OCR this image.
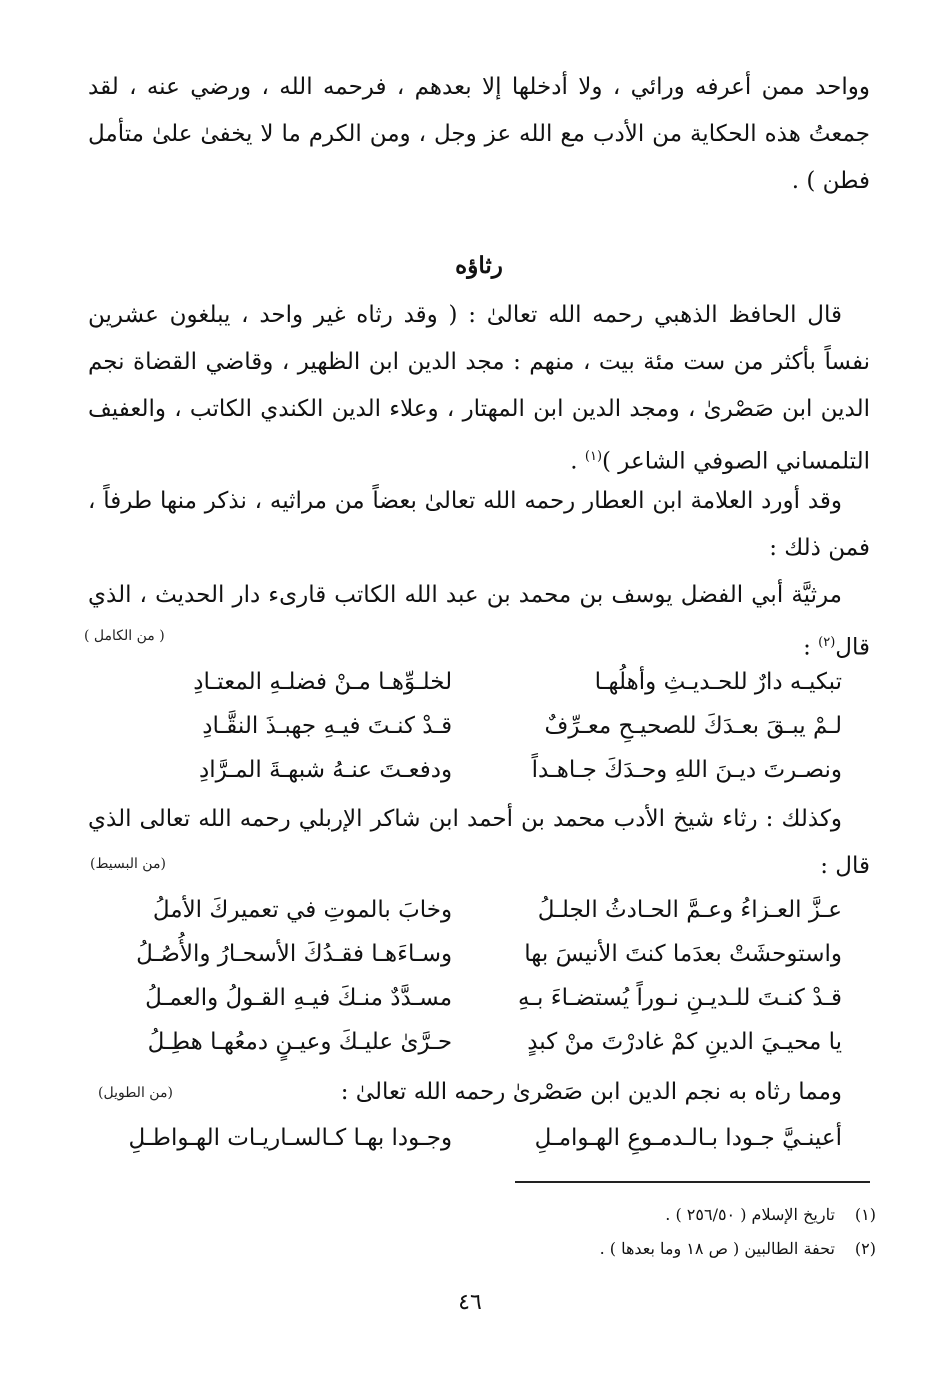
وواحد ممن أعرفه ورائي ، ولا أدخلها إلا بعدهم ، فرحمه الله ، ورضي عنه ، لقد جمعتُ هذه الحكاية من الأدب مع الله عز وجل ، ومن الكرم ما لا يخفىٰ علىٰ متأمل فطن ) .

رثاؤه

قال الحافظ الذهبي رحمه الله تعالىٰ : ( وقد رثاه غير واحد ، يبلغون عشرين نفساً بأكثر من ست مئة بيت ، منهم : مجد الدين ابن الظهير ، وقاضي القضاة نجم الدين ابن صَصْرىٰ ، ومجد الدين ابن المهتار ، وعلاء الدين الكندي الكاتب ، والعفيف التلمساني الصوفي الشاعر )$^{(١)}$ .

وقد أورد العلامة ابن العطار رحمه الله تعالىٰ بعضاً من مراثيه ، نذكر منها طرفاً ، فمن ذلك :

مرثيَّة أبي الفضل يوسف بن محمد بن عبد الله الكاتب قارىء دار الحديث ، الذي قال$^{(٢)}$ :

( من الكامل )
تبكيـه دارٌ للحـديـثِ وأهلُهـا
لخلـوِّهـا مـنْ فضلـهِ المعتـادِ
لـمْ يبـقَ بعـدَكَ للصحيـحِ معـرِّفٌ
قـدْ كنـتَ فيـهِ جهبـذَ النقَّـادِ
ونصـرتَ ديـنَ اللهِ وحـدَكَ جـاهـداً
ودفعـتَ عنـهُ شبهـةَ المـرَّادِ

وكذلك : رثاء شيخ الأدب محمد بن أحمد ابن شاكر الإربلي رحمه الله تعالى الذي قال :

(من البسيط)
عـزَّ العـزاءُ وعـمَّ الحـادثُ الجلـلُ
وخابَ بالموتِ في تعميركَ الأملُ
واستوحشَتْ بعدَما كنتَ الأنيسَ بها
وسـاءَهـا فقـدُكَ الأسحـارُ والأُصُـلُ
قـدْ كنـتَ للـديـنِ نـوراً يُستضـاءَ بـهِ
مسـدَّدٌ منـكَ فيـهِ القـولُ والعمـلُ
يا محيـيَ الدينِ كمْ غادرْتَ منْ كبدٍ
حـرَّىٰ عليـكَ وعيـنٍ دمعُهـا هطِـلُ

ومما رثاه به نجم الدين ابن صَصْرىٰ رحمه الله تعالىٰ :

(من الطويل)
أعينـيَّ جـودا بـالـدمـوعِ الهـوامـلِ
وجـودا بهـا كـالسـاريـات الهـواطـلِ
(١) تاريخ الإسلام ( ٢٥٦/٥٠ ) .
(٢) تحفة الطالبين ( ص ١٨ وما بعدها ) .
٤٦
